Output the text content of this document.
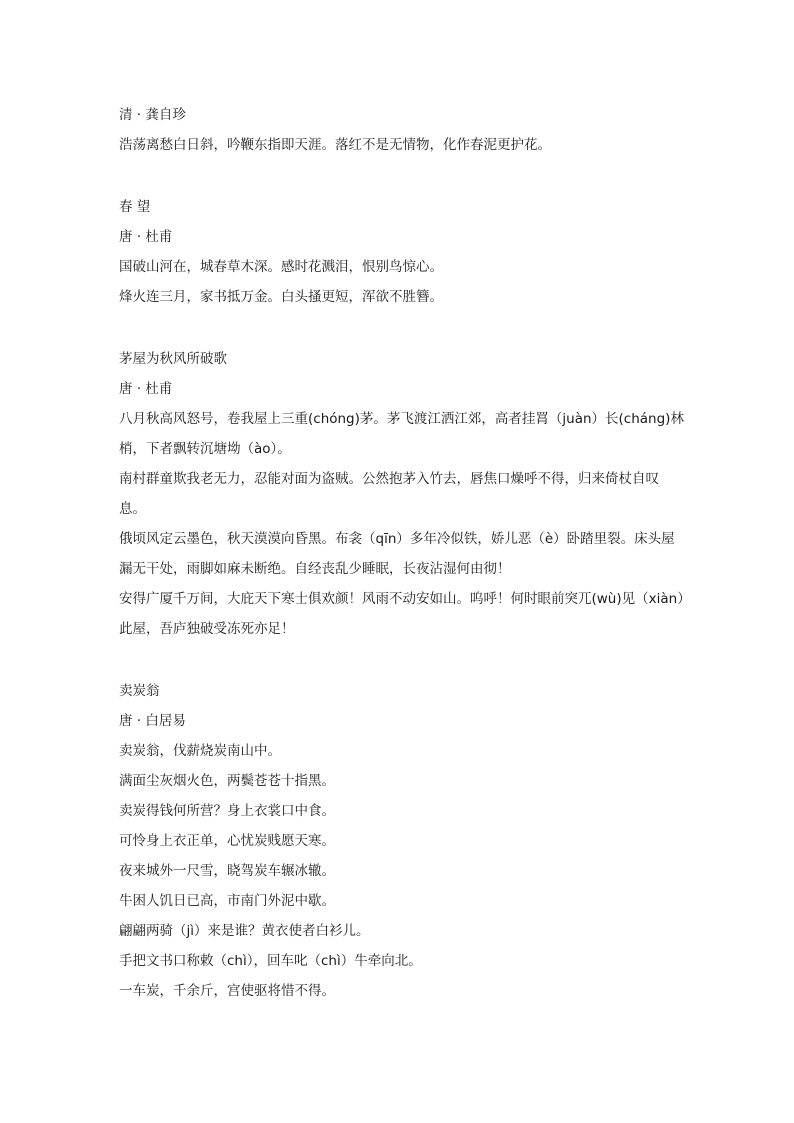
清 · 龚自珍
浩荡离愁白日斜，吟鞭东指即天涯。落红不是无情物，化作春泥更护花。
春 望
唐 · 杜甫
国破山河在，城春草木深。感时花溅泪，恨别鸟惊心。
烽火连三月，家书抵万金。白头搔更短，浑欲不胜簪。
茅屋为秋风所破歌
唐 · 杜甫
八月秋高风怒号，卷我屋上三重(chóng)茅。茅飞渡江洒江郊，高者挂罥（juàn）长(cháng)林梢，下者飘转沉塘坳（ào）。
南村群童欺我老无力，忍能对面为盗贼。公然抱茅入竹去，唇焦口燥呼不得，归来倚杖自叹息。
俄顷风定云墨色，秋天漠漠向昏黑。布衾（qīn）多年冷似铁，娇儿恶（è）卧踏里裂。床头屋漏无干处，雨脚如麻未断绝。自经丧乱少睡眠，长夜沾湿何由彻！
安得广厦千万间，大庇天下寒士俱欢颜！风雨不动安如山。呜呼！何时眼前突兀(wù)见（xiàn）此屋，吾庐独破受冻死亦足！
卖炭翁
唐 · 白居易
卖炭翁，伐薪烧炭南山中。
满面尘灰烟火色，两鬓苍苍十指黑。
卖炭得钱何所营？身上衣裳口中食。
可怜身上衣正单，心忧炭贱愿天寒。
夜来城外一尺雪，晓驾炭车辗冰辙。
牛困人饥日已高，市南门外泥中歇。
翩翩两骑（jì）来是谁？黄衣使者白衫儿。
手把文书口称敕（chì），回车叱（chì）牛牵向北。
一车炭，千余斤，宫使驱将惜不得。
